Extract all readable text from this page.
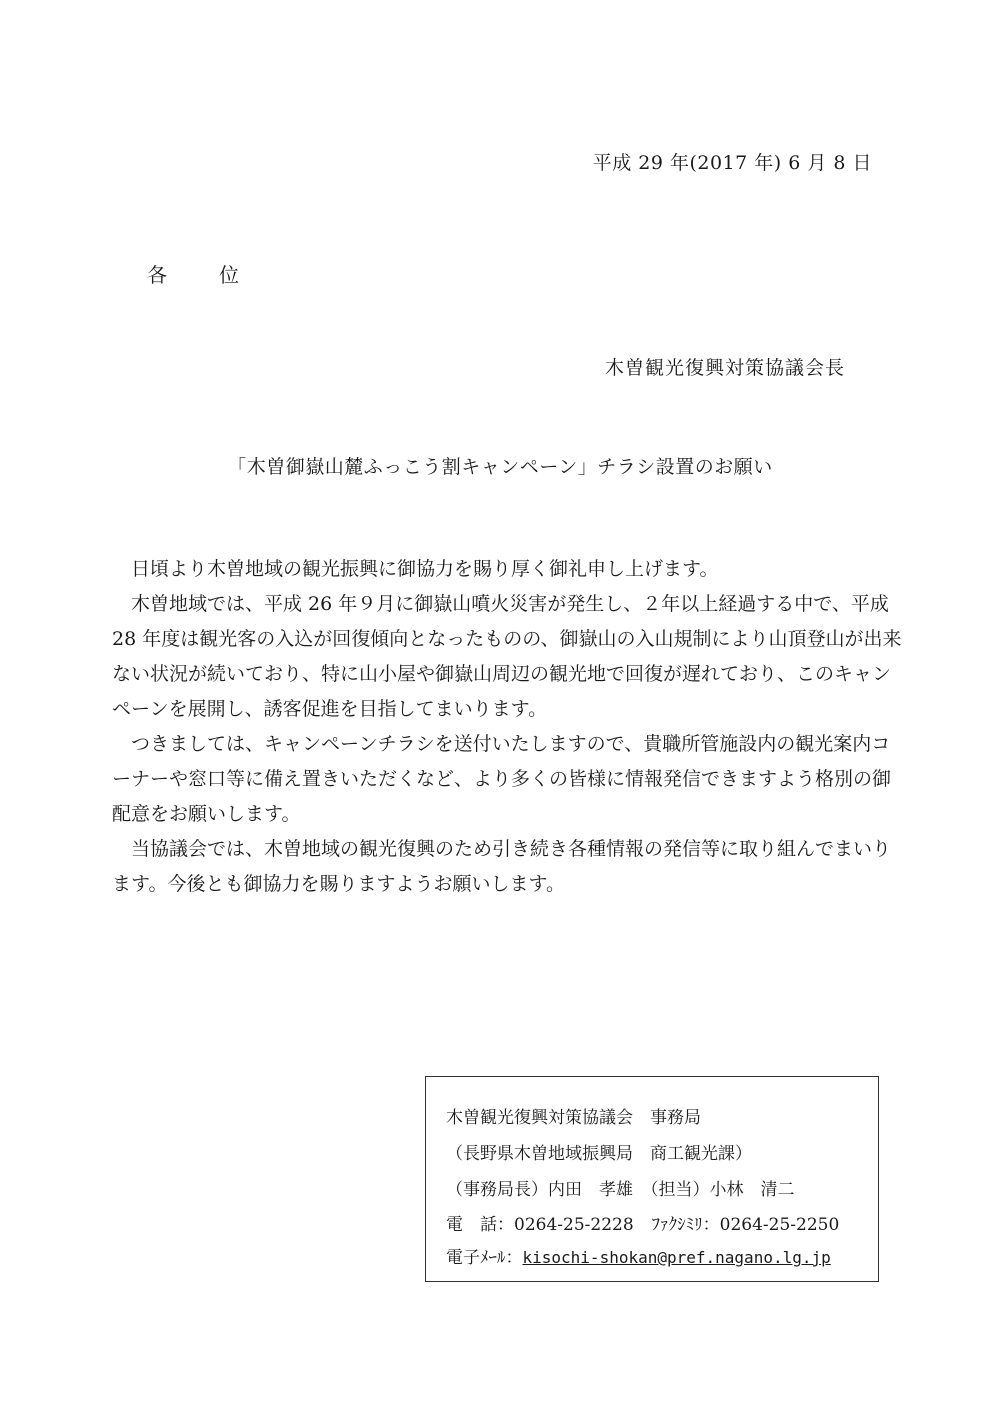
平成 29 年(2017 年) 6 月 8 日
各位
木曽観光復興対策協議会長
「木曽御嶽山麓ふっこう割キャンペーン」チラシ設置のお願い
　日頃より木曽地域の観光振興に御協力を賜り厚く御礼申し上げます。
　木曽地域では、平成 26 年９月に御嶽山噴火災害が発生し、２年以上経過する中で、平成
28 年度は観光客の入込が回復傾向となったものの、御嶽山の入山規制により山頂登山が出来
ない状況が続いており、特に山小屋や御嶽山周辺の観光地で回復が遅れており、このキャン
ペーンを展開し、誘客促進を目指してまいります。
　つきましては、キャンペーンチラシを送付いたしますので、貴職所管施設内の観光案内コ
ーナーや窓口等に備え置きいただくなど、より多くの皆様に情報発信できますよう格別の御
配意をお願いします。
　当協議会では、木曽地域の観光復興のため引き続き各種情報の発信等に取り組んでまいり
ます。今後とも御協力を賜りますようお願いします。
木曽観光復興対策協議会　事務局
（長野県木曽地域振興局　商工観光課）
（事務局長）内田　孝雄　（担当）小林　清二
電　話：0264-25-2228 ﾌｧｸｼﾐﾘ：0264-25-2250
電子ﾒｰﾙ：kisochi-shokan@pref.nagano.lg.jp
